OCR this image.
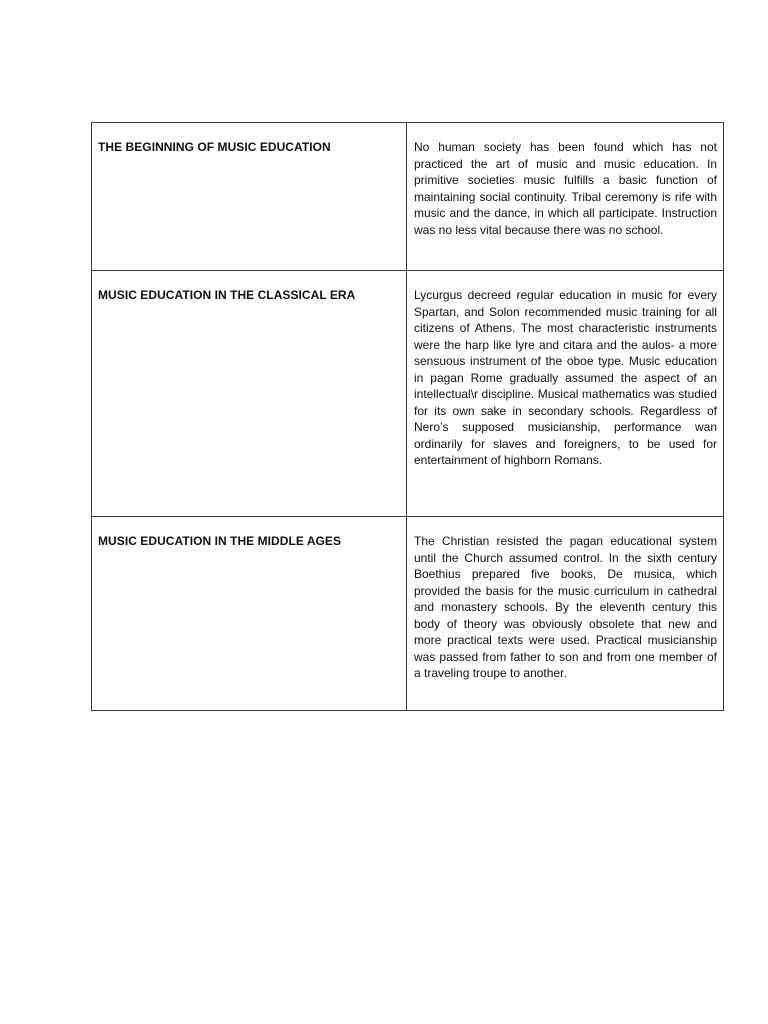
THE BEGINNING OF MUSIC EDUCATION	No human society has been found which has not practiced the art of music and music education. In primitive societies music fulfills a basic function of maintaining social continuity. Tribal ceremony is rife with music and the dance, in which all participate. Instruction was no less vital because there was no school.

MUSIC EDUCATION IN THE CLASSICAL ERA	Lycurgus decreed regular education in music for every Spartan, and Solon recommended music training for all citizens of Athens. The most characteristic instruments were the harp like lyre and citara and the aulos- a more sensuous instrument of the oboe type. Music education in pagan Rome gradually assumed the aspect of an intellectual\r discipline. Musical mathematics was studied for its own sake in secondary schools. Regardless of Nero’s supposed musicianship, performance wan ordinarily for slaves and foreigners, to be used for entertainment of highborn Romans.

MUSIC EDUCATION IN THE MIDDLE AGES	The Christian resisted the pagan educational system until the Church assumed control. In the sixth century Boethius prepared five books, De musica, which provided the basis for the music curriculum in cathedral and monastery schools. By the eleventh century this body of theory was obviously obsolete that new and more practical texts were used. Practical musicianship was passed from father to son and from one member of a traveling troupe to another.
